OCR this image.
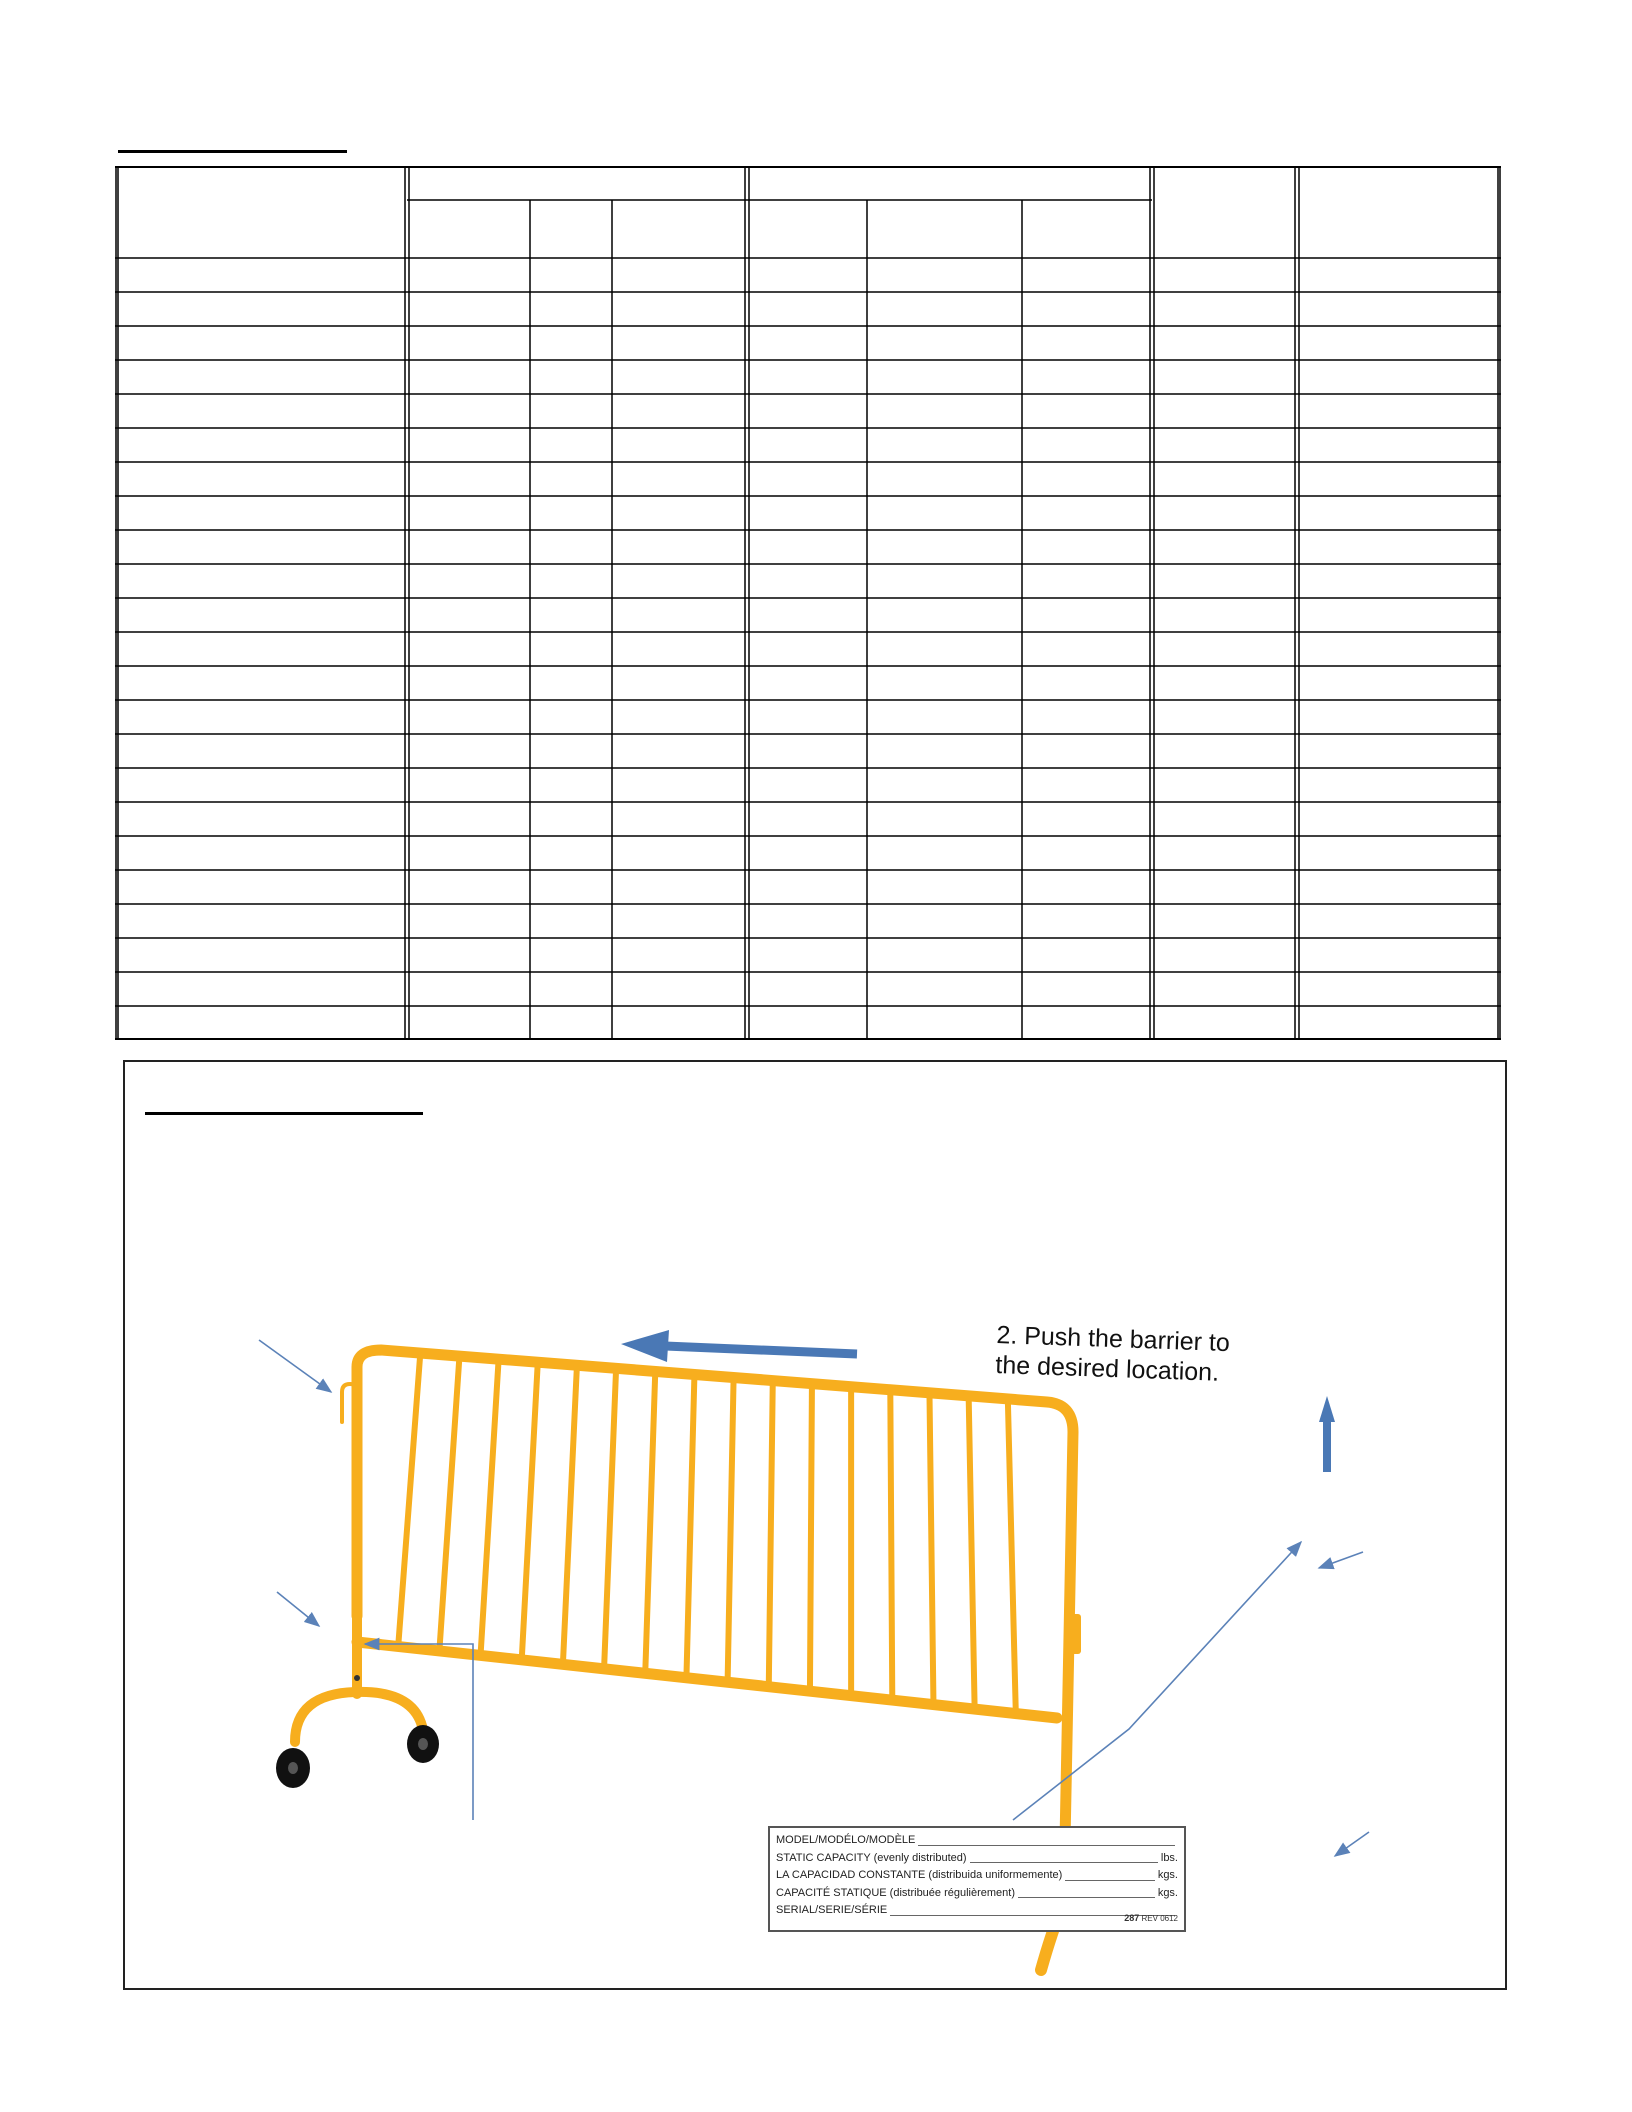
2. Push the barrier to
the desired location.
MODEL/MODÉLO/MODÈLE
STATIC CAPACITY (evenly distributed)	lbs.
LA CAPACIDAD CONSTANTE (distribuida uniformemente)	kgs.
CAPACITÉ STATIQUE (distribuée régulièrement)	kgs.
SERIAL/SERIE/SÉRIE
287 REV 0612
